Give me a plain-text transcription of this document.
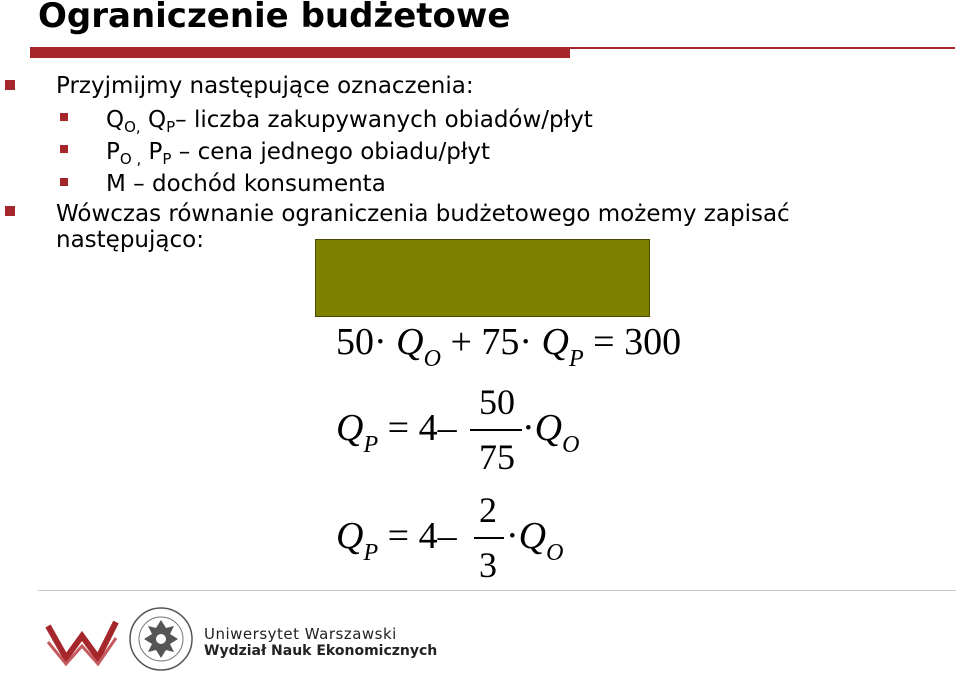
Ograniczenie budżetowe
Przyjmijmy następujące oznaczenia:
$Q_{O,}$ $Q_P-$ liczba zakupywanych obiadów/płyt
$P_{O ,}$ $P_P$ – cena jednego obiadu/płyt
M – dochód konsumenta
Wówczas równanie ograniczenia budżetowego możemy zapisać
następująco:
$50\cdot Q_O + 75\cdot Q_P = 300$
$Q_P = 4-$
50
75
$\cdot Q_O$
$Q_P = 4-$
2
3
$\cdot Q_O$
Uniwersytet Warszawski
Wydział Nauk Ekonomicznych
